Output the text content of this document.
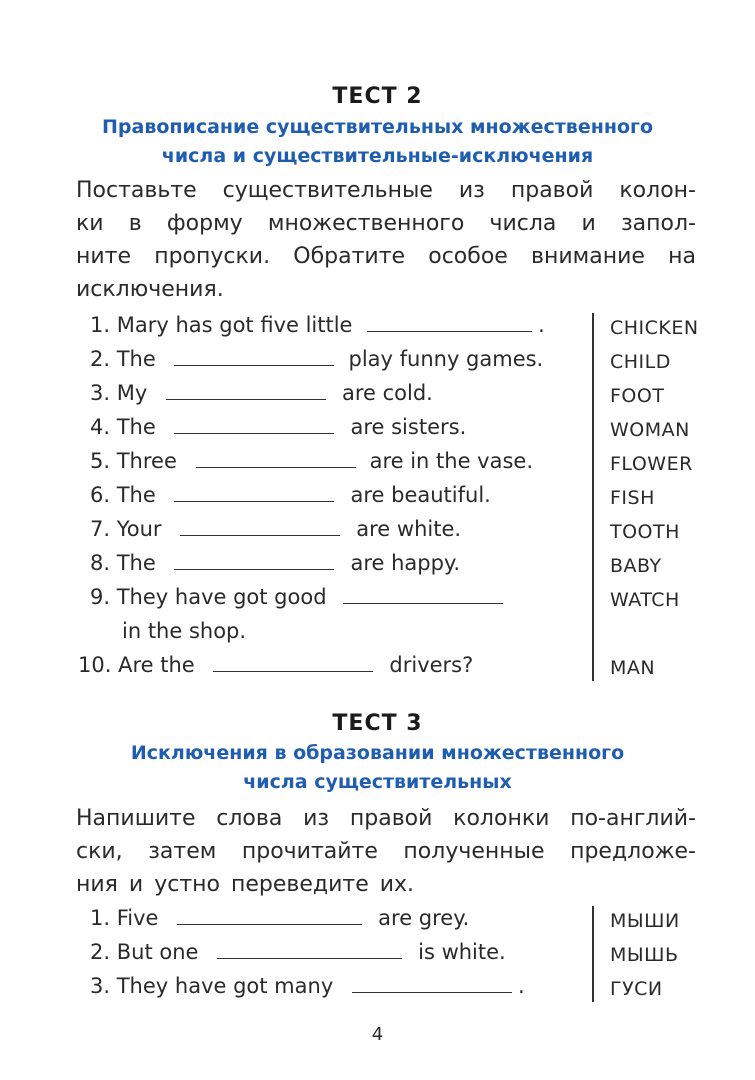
ТЕСТ 2
Правописание существительных множественного
числа и существительные-исключения
Поставьте существительные из правой колон-
ки в форму множественного числа и запол-
ните пропуски. Обратите особое внимание на
исключения.
1. Mary has got five little	.
2. The	play funny games.
3. My	are cold.
4. The	are sisters.
5. Three	are in the vase.
6. The	are beautiful.
7. Your	are white.
8. The	are happy.
9. They have got good
in the shop.
10. Are the	drivers?
CHICKEN
CHILD
FOOT
WOMAN
FLOWER
FISH
TOOTH
BABY
WATCH
MAN
ТЕСТ 3
Исключения в образовании множественного
числа существительных
Напишите слова из правой колонки по-англий-
ски, затем прочитайте полученные предложе-
ния и устно переведите их.
1. Five	are grey.
2. But one	is white.
3. They have got many	.
МЫШИ
МЫШЬ
ГУСИ
4
